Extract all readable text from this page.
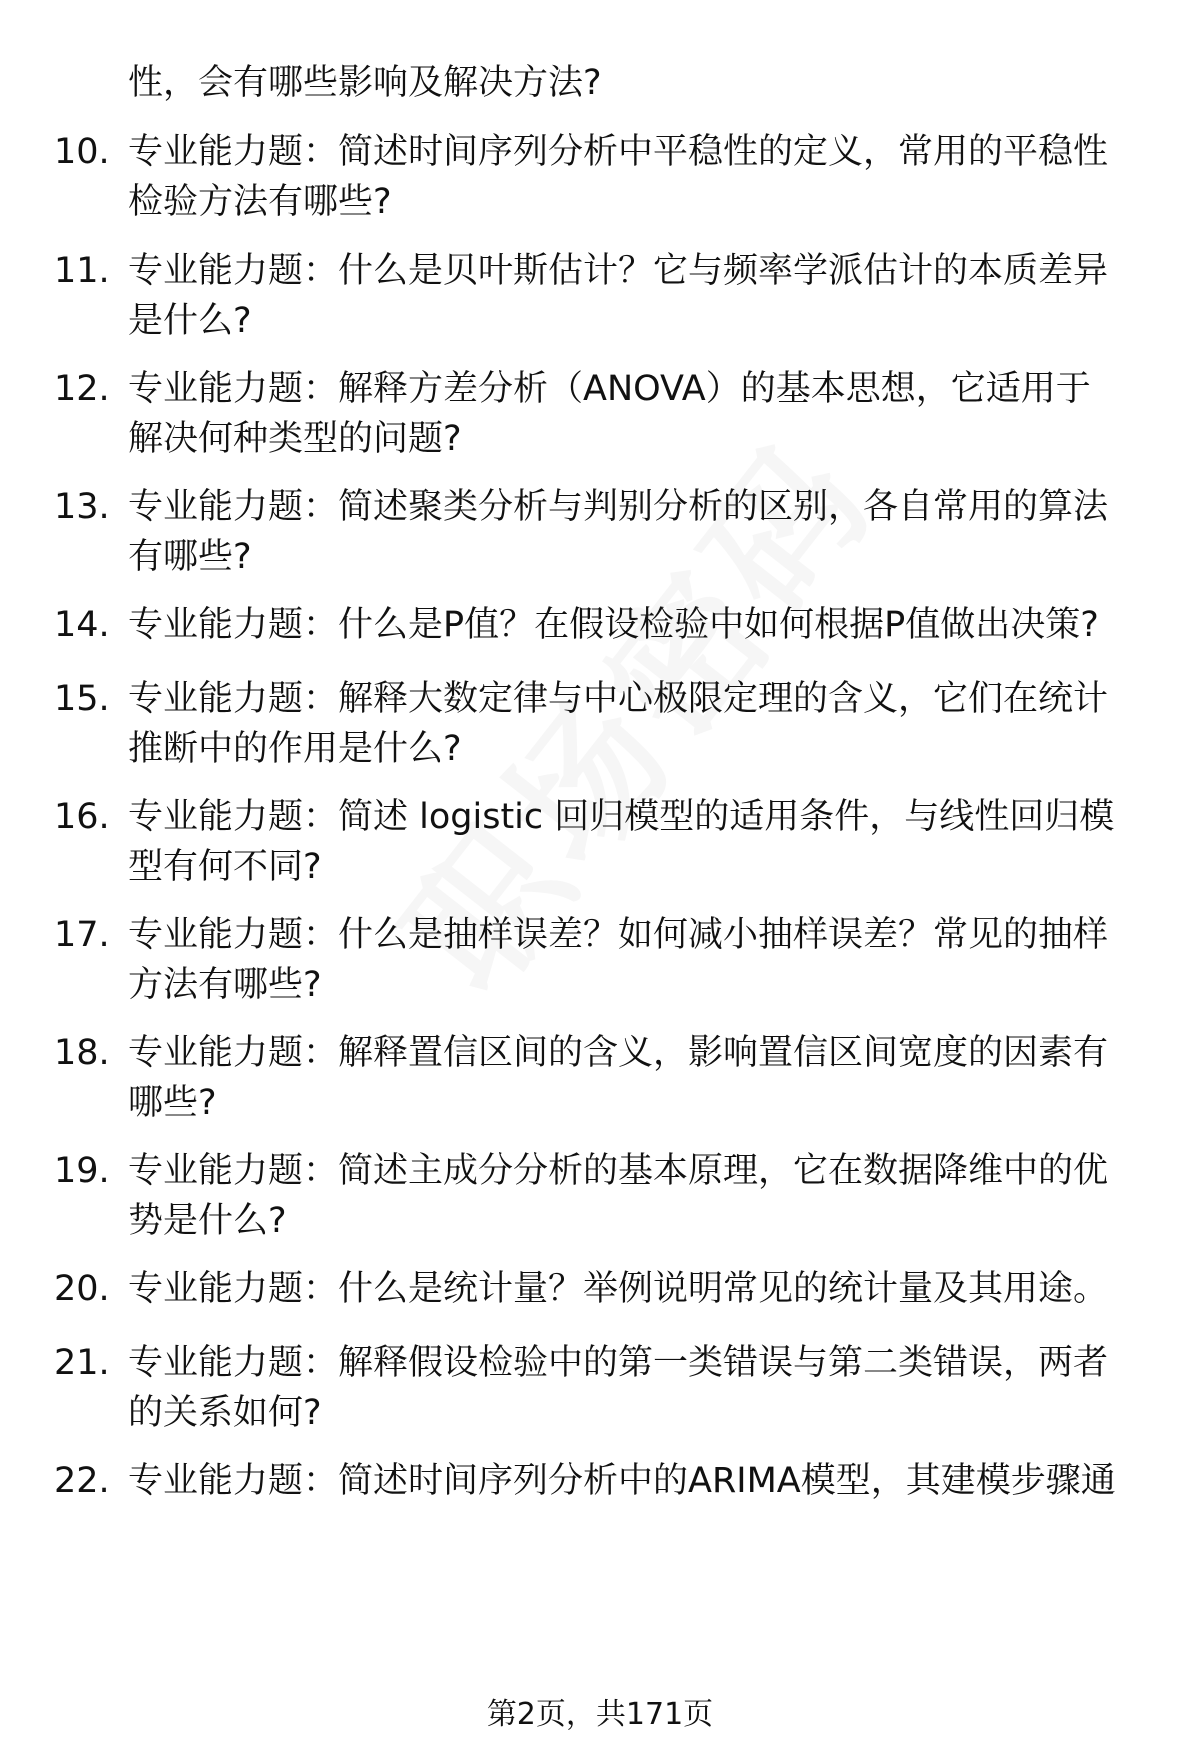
性，会有哪些影响及解决方法?
10. 专业能力题：简述时间序列分析中平稳性的定义，常用的平稳性
检验方法有哪些?
11. 专业能力题：什么是贝叶斯估计？它与频率学派估计的本质差异
是什么?
12. 专业能力题：解释方差分析（ANOVA）的基本思想，它适用于
解决何种类型的问题?
13. 专业能力题：简述聚类分析与判别分析的区别，各自常用的算法
有哪些?
14. 专业能力题：什么是P值？在假设检验中如何根据P值做出决策?
15. 专业能力题：解释大数定律与中心极限定理的含义，它们在统计
推断中的作用是什么?
16. 专业能力题：简述 logistic 回归模型的适用条件，与线性回归模
型有何不同?
17. 专业能力题：什么是抽样误差？如何减小抽样误差？常见的抽样
方法有哪些?
18. 专业能力题：解释置信区间的含义，影响置信区间宽度的因素有
哪些?
19. 专业能力题：简述主成分分析的基本原理，它在数据降维中的优
势是什么?
20. 专业能力题：什么是统计量？举例说明常见的统计量及其用途。
21. 专业能力题：解释假设检验中的第一类错误与第二类错误，两者
的关系如何?
22. 专业能力题：简述时间序列分析中的ARIMA模型，其建模步骤通
第2页，共171页
